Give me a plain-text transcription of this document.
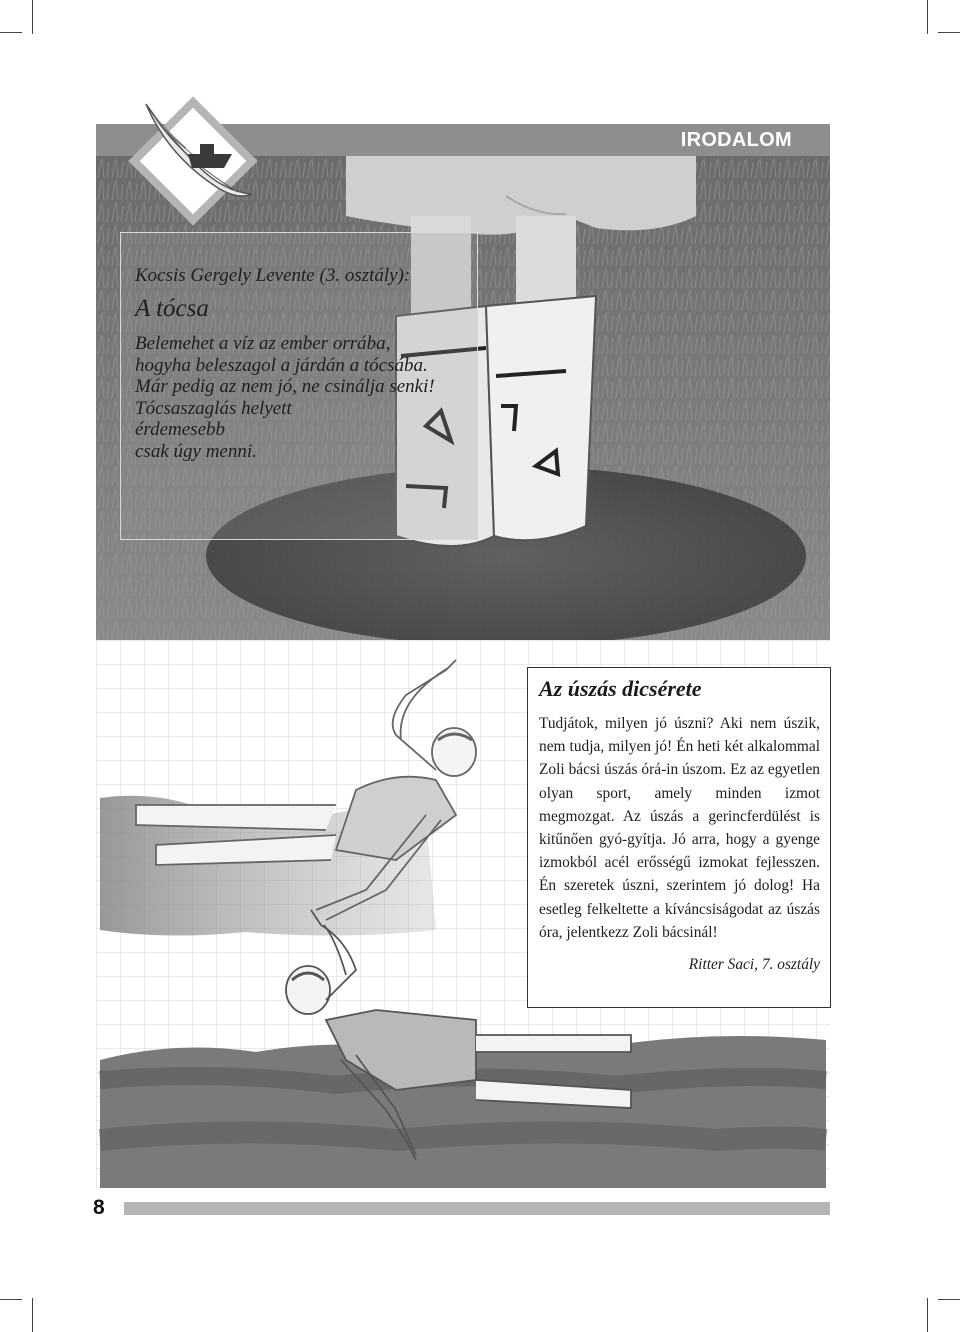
IRODALOM
Kocsis Gergely Levente (3. osztály):
A tócsa
Belemehet a víz az ember orrába,
hogyha beleszagol a járdán a tócsába.
Már pedig az nem jó, ne csinálja senki!
Tócsaszaglás helyett
érdemesebb
csak úgy menni.
Az úszás dicsérete

Tudjátok, milyen jó úszni? Aki nem úszik, nem tudja, milyen jó! Én heti két alkalommal Zoli bácsi úszás órá-in úszom. Ez az egyetlen olyan sport, amely minden izmot megmozgat. Az úszás a gerincferdülést is kitűnően gyó-gyítja. Jó arra, hogy a gyenge izmokból acél erősségű izmokat fejlesszen. Én szeretek úszni, szerintem jó dolog! Ha esetleg felkeltette a kíváncsiságodat az úszás óra, jelentkezz Zoli bácsinál!

Ritter Saci, 7. osztály
8
